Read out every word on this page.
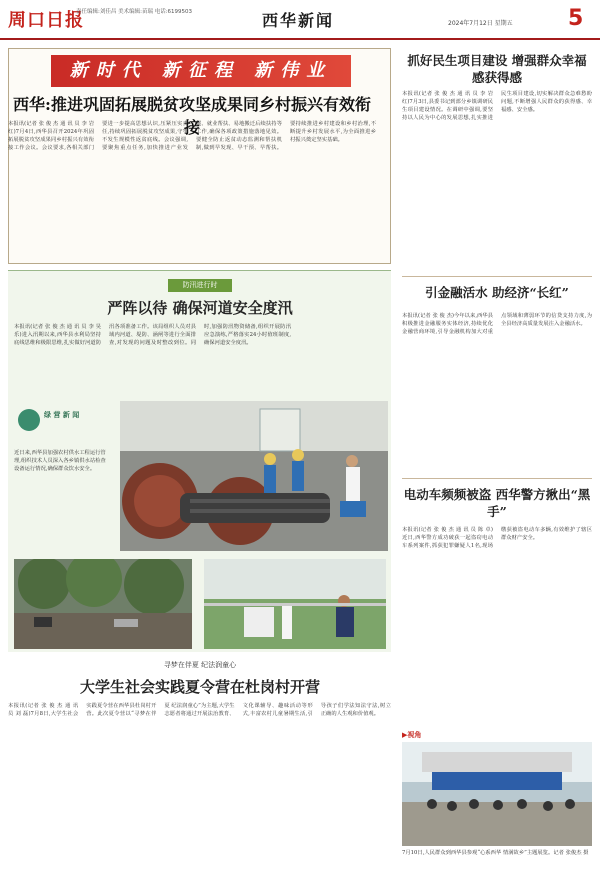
周口日报
责任编辑:刘佳昌 美术编辑:苗瑞 电话:6199503	西华新闻	2024年7月12日 星期五	5
新时代 新征程 新伟业
西华:推进巩固拓展脱贫攻坚成果同乡村振兴有效衔接
本报讯(记者 张 俊 杰 通 讯 员 李 岩 红)7月4日,西华县召开2024年巩固拓展脱贫攻坚成果同乡村振兴有效衔接工作会议。会议要求,各相关部门要进一步提高思想认识,压紧压实责任,持续巩固拓展脱贫攻坚成果,守牢不发生规模性返贫底线。会议强调,要聚焦重点任务,加快推进产业发展、就业帮扶、易地搬迁后续扶持等工作,确保各项政策措施落地见效。要健全防止返贫动态监测和帮扶机制,做到早发现、早干预、早帮扶。要持续推进乡村建设和乡村治理,不断提升乡村发展水平,为全面推进乡村振兴奠定坚实基础。
防汛进行时
严阵以待 确保河道安全度汛
本报讯(记者 张 俊 杰 通 讯 员 李 昊 乐)进入汛期以来,西华县水利局坚持底线思维和极限思维,扎实做好河道防汛各项准备工作。该局组织人员对县域内河道、堤防、涵闸等进行全面排查,对发现的问题及时整改到位。同时,加强防汛物资储备,组织开展防汛应急演练,严格落实24小时值班制度,确保河道安全度汛。
绿 营 新 闻
近日来,西华县加强农村供水工程运行管理,组织技术人员深入各乡镇供水站检查设备运行情况,确保群众饮水安全。
抓好民生项目建设 增强群众幸福感获得感
本报讯(记者 张 俊 杰 通 讯 员 李 岩 红)7月3日,县委书记到部分乡镇调研民生项目建设情况。在调研中强调,要坚持以人民为中心的发展思想,扎实推进民生项目建设,切实解决群众急难愁盼问题,不断增强人民群众的获得感、幸福感、安全感。
引金融活水 助经济“长红”
本报讯(记者 张 俊 杰)今年以来,西华县积极推进金融服务实体经济,持续优化金融营商环境,引导金融机构加大对重点领域和薄弱环节的信贷支持力度,为全县经济高质量发展注入金融活水。
电动车频频被盗 西华警方揪出“黑手”
本报讯(记者 张 俊 杰 通 讯 员 陈 卓)近日,西华警方成功破获一起盗窃电动车系列案件,抓获犯罪嫌疑人1名,现场缴获被盗电动车多辆,有效维护了辖区群众财产安全。
▶视角
7月10日,人民群众到西华县参观“心系西华 情满故乡”主题展览。记者 张俊杰 摄
寻梦在伴夏 纪法润童心
大学生社会实践夏令营在杜岗村开营
本报讯(记者 张 俊 杰 通 讯 员 刘 磊)7月8日,大学生社会实践夏令营在西华县杜岗村开营。此次夏令营以“寻梦在伴夏 纪法润童心”为主题,大学生志愿者将通过开展法治教育、文化课辅导、趣味活动等形式,丰富农村儿童暑期生活,引导孩子们学法知法守法,树立正确的人生观和价值观。
